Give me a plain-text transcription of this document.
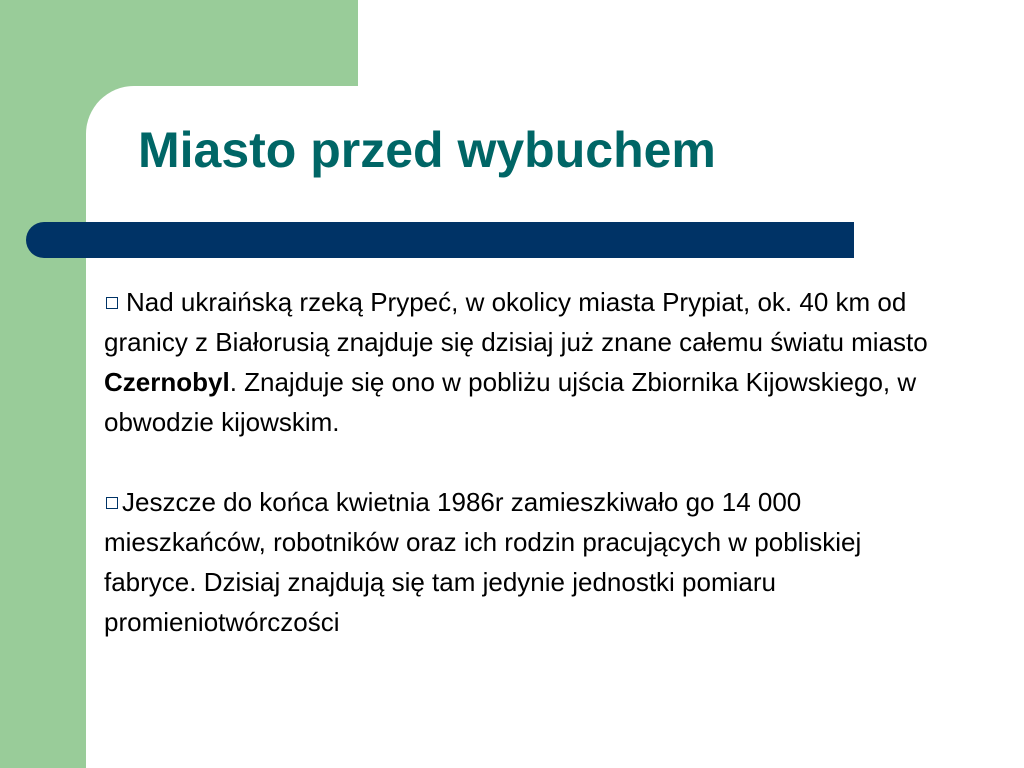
Miasto przed wybuchem

Nad ukraińską rzeką Prypeć, w okolicy miasta Prypiat, ok. 40 km od granicy z Białorusią znajduje się dzisiaj już znane całemu światu miasto Czernobyl. Znajduje się ono w pobliżu ujścia Zbiornika Kijowskiego, w obwodzie kijowskim.

Jeszcze do końca kwietnia 1986r zamieszkiwało go 14 000 mieszkańców, robotników oraz ich rodzin pracujących w pobliskiej fabryce. Dzisiaj znajdują się tam jedynie jednostki pomiaru promieniotwórczości
